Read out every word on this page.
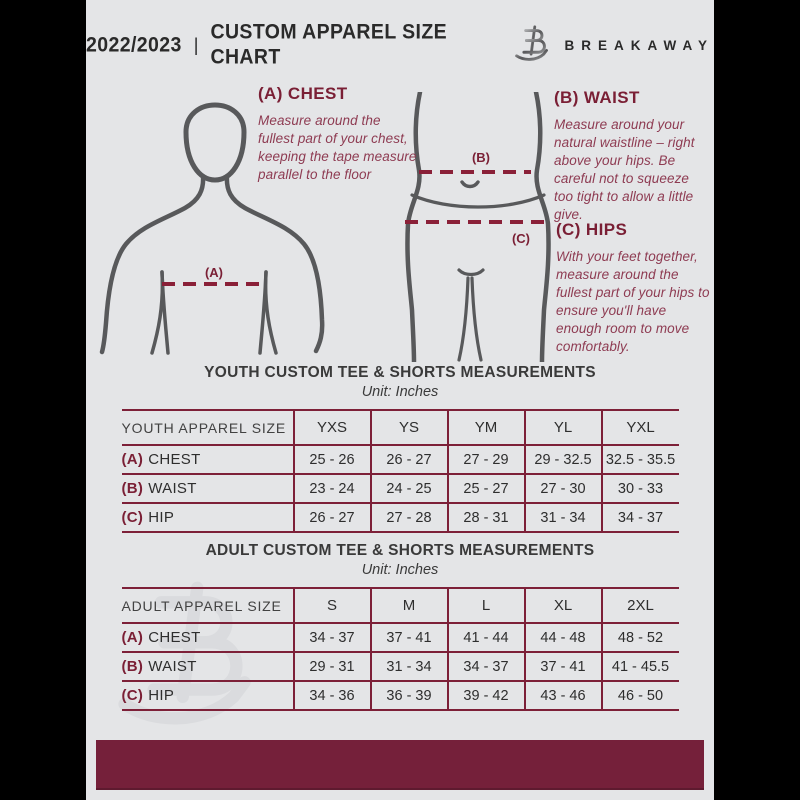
2022/2023 |
CUSTOM APPAREL SIZE CHART	BREAKAWAY
(A)
(B)
(C)
(A) CHEST

Measure around the fullest part of your chest, keeping the tape measure parallel to the floor

(B) WAIST

Measure around your natural waistline – right above your hips. Be careful not to squeeze too tight to allow a little give.

(C) HIPS

With your feet together, measure around the fullest part of your hips to ensure you'll have enough room to move comfortably.

YOUTH CUSTOM TEE & SHORTS MEASUREMENTS
Unit: Inches
YOUTH APPAREL SIZE	YXS	YS	YM	YL	YXL
(A) CHEST	25 - 26	26 - 27	27 - 29	29 - 32.5	32.5 - 35.5
(B) WAIST	23 - 24	24 - 25	25 - 27	27 - 30	30 - 33
(C) HIP	26 - 27	27 - 28	28 - 31	31 - 34	34 - 37
ADULT CUSTOM TEE & SHORTS MEASUREMENTS
Unit: Inches
ADULT APPAREL SIZE	S	M	L	XL	2XL
(A) CHEST	34 - 37	37 - 41	41 - 44	44 - 48	48 - 52
(B) WAIST	29 - 31	31 - 34	34 - 37	37 - 41	41 - 45.5
(C) HIP	34 - 36	36 - 39	39 - 42	43 - 46	46 - 50
